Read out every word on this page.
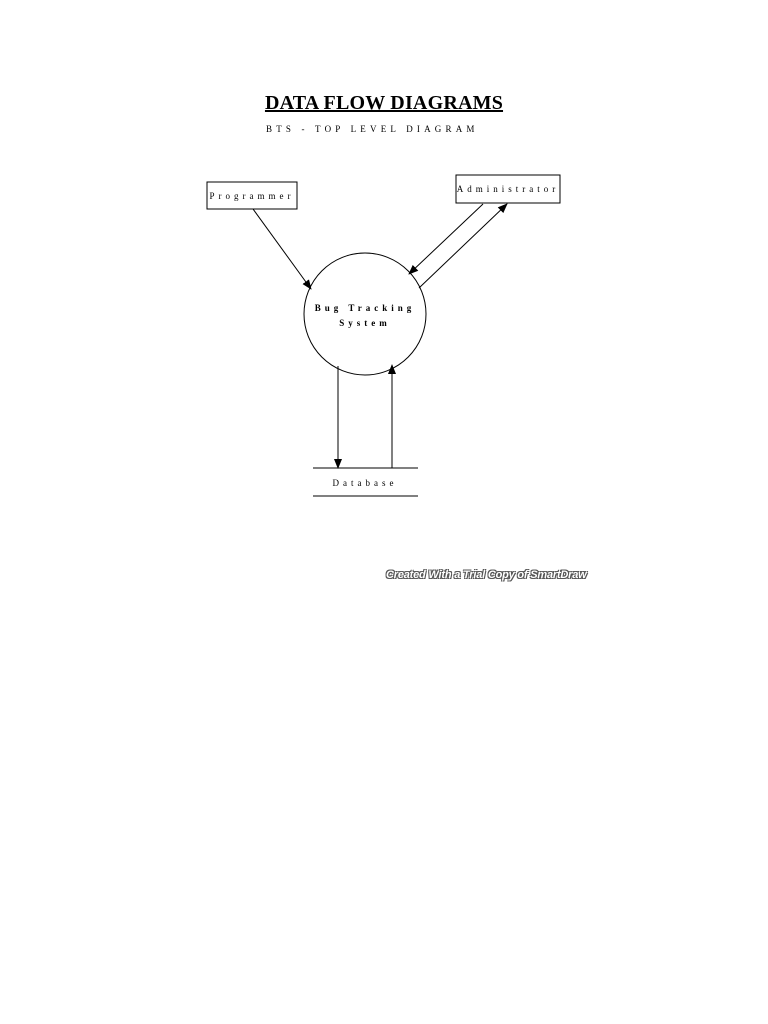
DATA FLOW DIAGRAMS
BTS - TOP LEVEL DIAGRAM
Programmer
Administrator
Bug Tracking
System
Database
Created With a Trial Copy of SmartDraw
